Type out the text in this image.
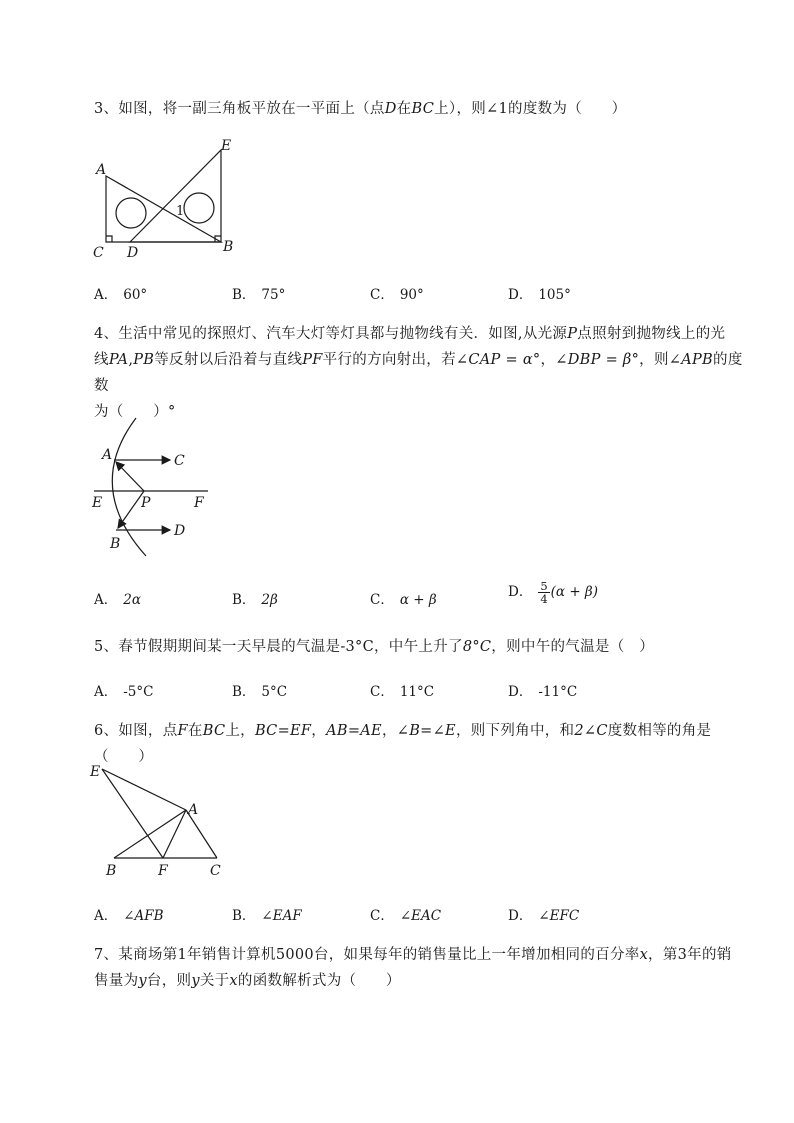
3、如图，将一副三角板平放在一平面上（点D在BC上），则∠1的度数为（　　）
A
E
1
C D	B
A． 60°	B． 75°	C． 90°	D． 105°
4、生活中常见的探照灯、汽车大灯等灯具都与抛物线有关．如图,从光源P点照射到抛物线上的光
线PA,PB等反射以后沿着与直线PF平行的方向射出，若∠CAP = α°，∠DBP = β°，则∠APB的度数
为（　　）°
A	C
E	P	F
B
D
A． 2α	B． 2β	C． α + β	D． $\frac{5}{4} (\alpha + \beta)$
5、春节假期期间某一天早晨的气温是-3°C，中午上升了8°C，则中午的气温是（　）
A． -5°C	B． 5°C	C． 11°C	D． -11°C
6、如图，点F在BC上，BC=EF，AB=AE，∠B=∠E，则下列角中，和2∠C度数相等的角是（　　）
E
A
B	F	C
A． ∠AFB	B． ∠EAF	C． ∠EAC	D． ∠EFC
7、某商场第1年销售计算机5000台，如果每年的销售量比上一年增加相同的百分率x，第3年的销
售量为y台，则y关于x的函数解析式为（　　）
